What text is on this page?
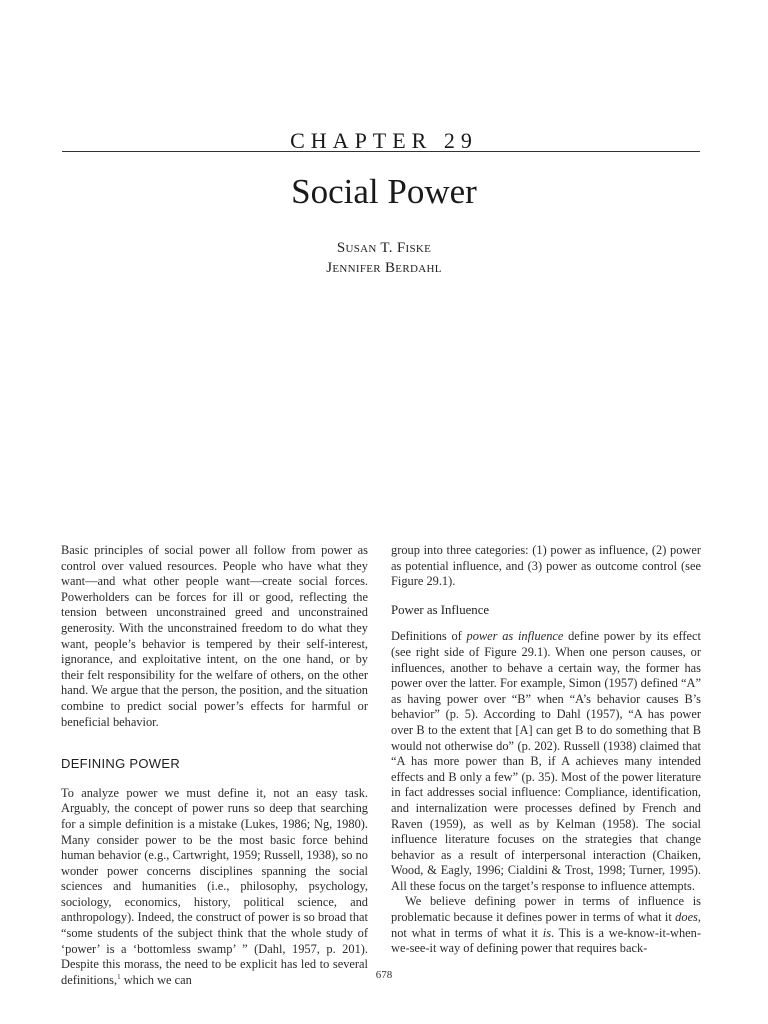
CHAPTER 29
Social Power
Susan T. Fiske
Jennifer Berdahl

Basic principles of social power all follow from power as control over valued resources. People who have what they want—and what other people want—create social forces. Powerholders can be forces for ill or good, reflecting the tension between unconstrained greed and unconstrained generosity. With the unconstrained freedom to do what they want, people’s behavior is tempered by their self-interest, ignorance, and exploitative intent, on the one hand, or by their felt responsibility for the welfare of others, on the other hand. We argue that the person, the position, and the situation combine to predict social power’s effects for harmful or beneficial behavior.

DEFINING POWER

To analyze power we must define it, not an easy task. Arguably, the concept of power runs so deep that searching for a simple definition is a mistake (Lukes, 1986; Ng, 1980). Many consider power to be the most basic force behind human behavior (e.g., Cartwright, 1959; Russell, 1938), so no wonder power concerns disciplines spanning the social sciences and humanities (i.e., philosophy, psychology, sociology, economics, history, political science, and anthropology). Indeed, the construct of power is so broad that “some students of the subject think that the whole study of ‘power’ is a ‘bottomless swamp’ ” (Dahl, 1957, p. 201). Despite this morass, the need to be explicit has led to several definitions,$^1$ which we can

group into three categories: (1) power as influence, (2) power as potential influence, and (3) power as outcome control (see Figure 29.1).

Power as Influence

Definitions of power as influence define power by its effect (see right side of Figure 29.1). When one person causes, or influences, another to behave a certain way, the former has power over the latter. For example, Simon (1957) defined “A” as having power over “B” when “A’s behavior causes B’s behavior” (p. 5). According to Dahl (1957), “A has power over B to the extent that [A] can get B to do something that B would not otherwise do” (p. 202). Russell (1938) claimed that “A has more power than B, if A achieves many intended effects and B only a few” (p. 35). Most of the power literature in fact addresses social influence: Compliance, identification, and internalization were processes defined by French and Raven (1959), as well as by Kelman (1958). The social influence literature focuses on the strategies that change behavior as a result of interpersonal interaction (Chaiken, Wood, & Eagly, 1996; Cialdini & Trost, 1998; Turner, 1995). All these focus on the target’s response to influence attempts.

We believe defining power in terms of influence is problematic because it defines power in terms of what it does, not what in terms of what it is. This is a we-know-it-when-we-see-it way of defining power that requires back-

678
